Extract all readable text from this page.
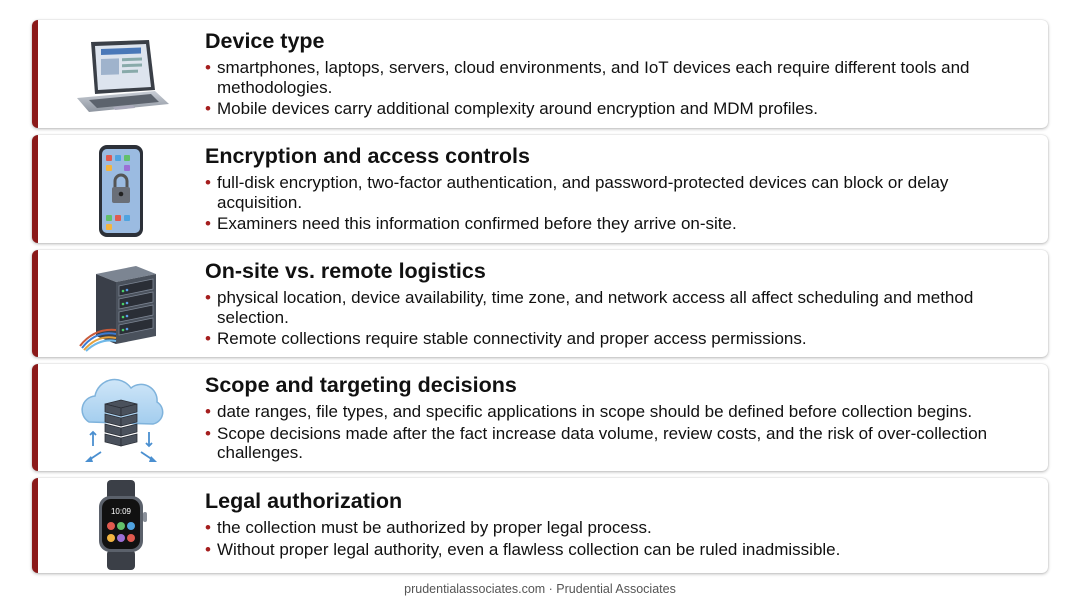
Device type
• smartphones, laptops, servers, cloud environments, and IoT devices each require different tools and methodologies.
• Mobile devices carry additional complexity around encryption and MDM profiles.
Encryption and access controls
• full-disk encryption, two-factor authentication, and password-protected devices can block or delay acquisition.
• Examiners need this information confirmed before they arrive on-site.
On-site vs. remote logistics
• physical location, device availability, time zone, and network access all affect scheduling and method selection.
• Remote collections require stable connectivity and proper access permissions.
Scope and targeting decisions
• date ranges, file types, and specific applications in scope should be defined before collection begins.
• Scope decisions made after the fact increase data volume, review costs, and the risk of over-collection challenges.
10:09	Legal authorization
• the collection must be authorized by proper legal process.
• Without proper legal authority, even a flawless collection can be ruled inadmissible.
prudentialassociates.com · Prudential Associates
